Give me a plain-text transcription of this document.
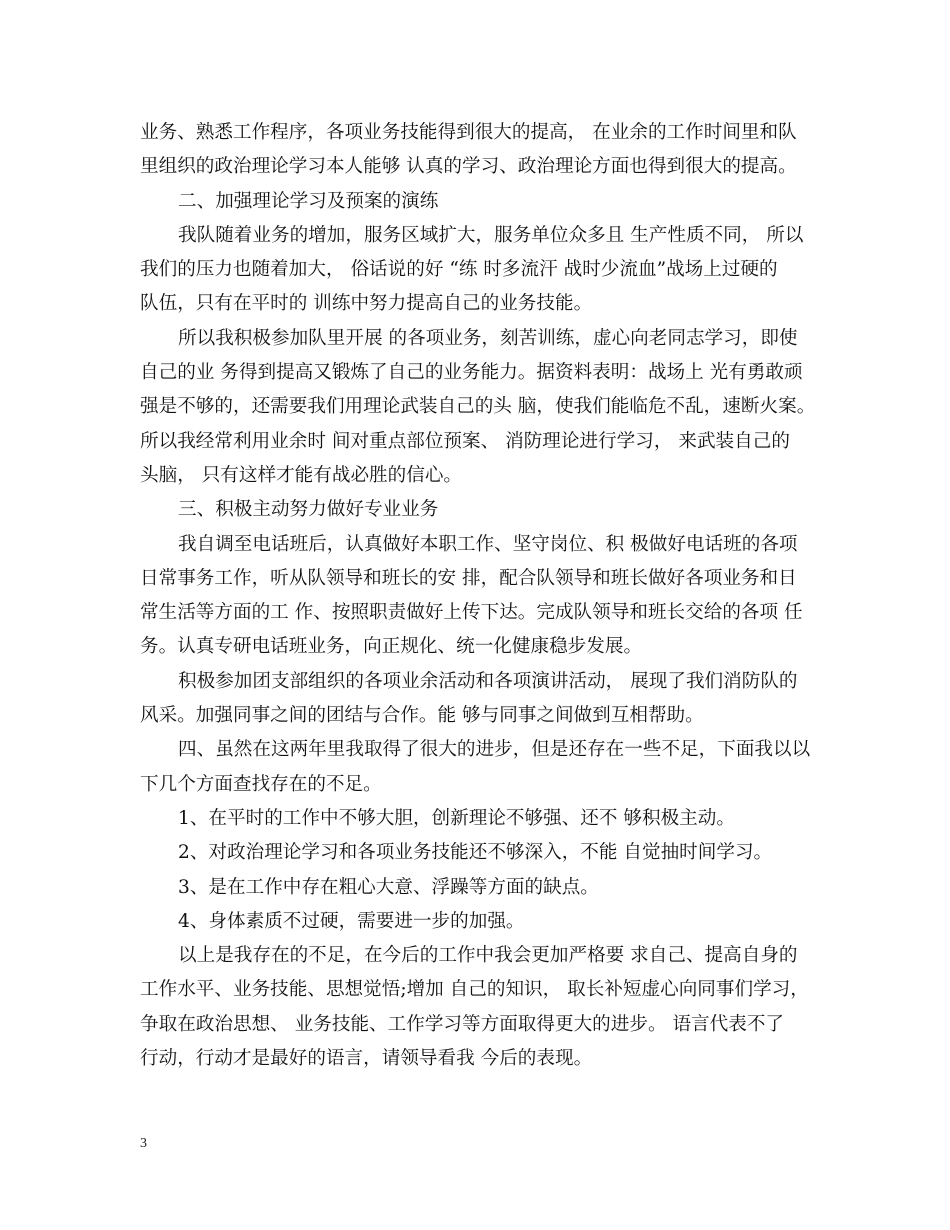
业务、熟悉工作程序，各项业务技能得到很大的提高， 在业余的工作时间里和队
里组织的政治理论学习本人能够 认真的学习、政治理论方面也得到很大的提高。
二、加强理论学习及预案的演练
我队随着业务的增加，服务区域扩大，服务单位众多且 生产性质不同， 所以
我们的压力也随着加大， 俗话说的好 “练 时多流汗 战时少流血”战场上过硬的
队伍，只有在平时的 训练中努力提高自己的业务技能。
所以我积极参加队里开展 的各项业务，刻苦训练，虚心向老同志学习，即使
自己的业 务得到提高又锻炼了自己的业务能力。据资料表明：战场上 光有勇敢顽
强是不够的，还需要我们用理论武装自己的头 脑，使我们能临危不乱，速断火案。
所以我经常利用业余时 间对重点部位预案、 消防理论进行学习， 来武装自己的
头脑， 只有这样才能有战必胜的信心。
三、积极主动努力做好专业业务
我自调至电话班后，认真做好本职工作、坚守岗位、积 极做好电话班的各项
日常事务工作，听从队领导和班长的安 排，配合队领导和班长做好各项业务和日
常生活等方面的工 作、按照职责做好上传下达。完成队领导和班长交给的各项 任
务。认真专研电话班业务，向正规化、统一化健康稳步发展。
积极参加团支部组织的各项业余活动和各项演讲活动， 展现了我们消防队的
风采。加强同事之间的团结与合作。能 够与同事之间做到互相帮助。
四、虽然在这两年里我取得了很大的进步，但是还存在一些不足，下面我以以
下几个方面查找存在的不足。
1、在平时的工作中不够大胆，创新理论不够强、还不 够积极主动。
2、对政治理论学习和各项业务技能还不够深入，不能 自觉抽时间学习。
3、是在工作中存在粗心大意、浮躁等方面的缺点。
4、身体素质不过硬，需要进一步的加强。
以上是我存在的不足，在今后的工作中我会更加严格要 求自己、提高自身的
工作水平、业务技能、思想觉悟;增加 自己的知识， 取长补短虚心向同事们学习，
争取在政治思想、 业务技能、工作学习等方面取得更大的进步。 语言代表不了
行动，行动才是最好的语言，请领导看我 今后的表现。
3
